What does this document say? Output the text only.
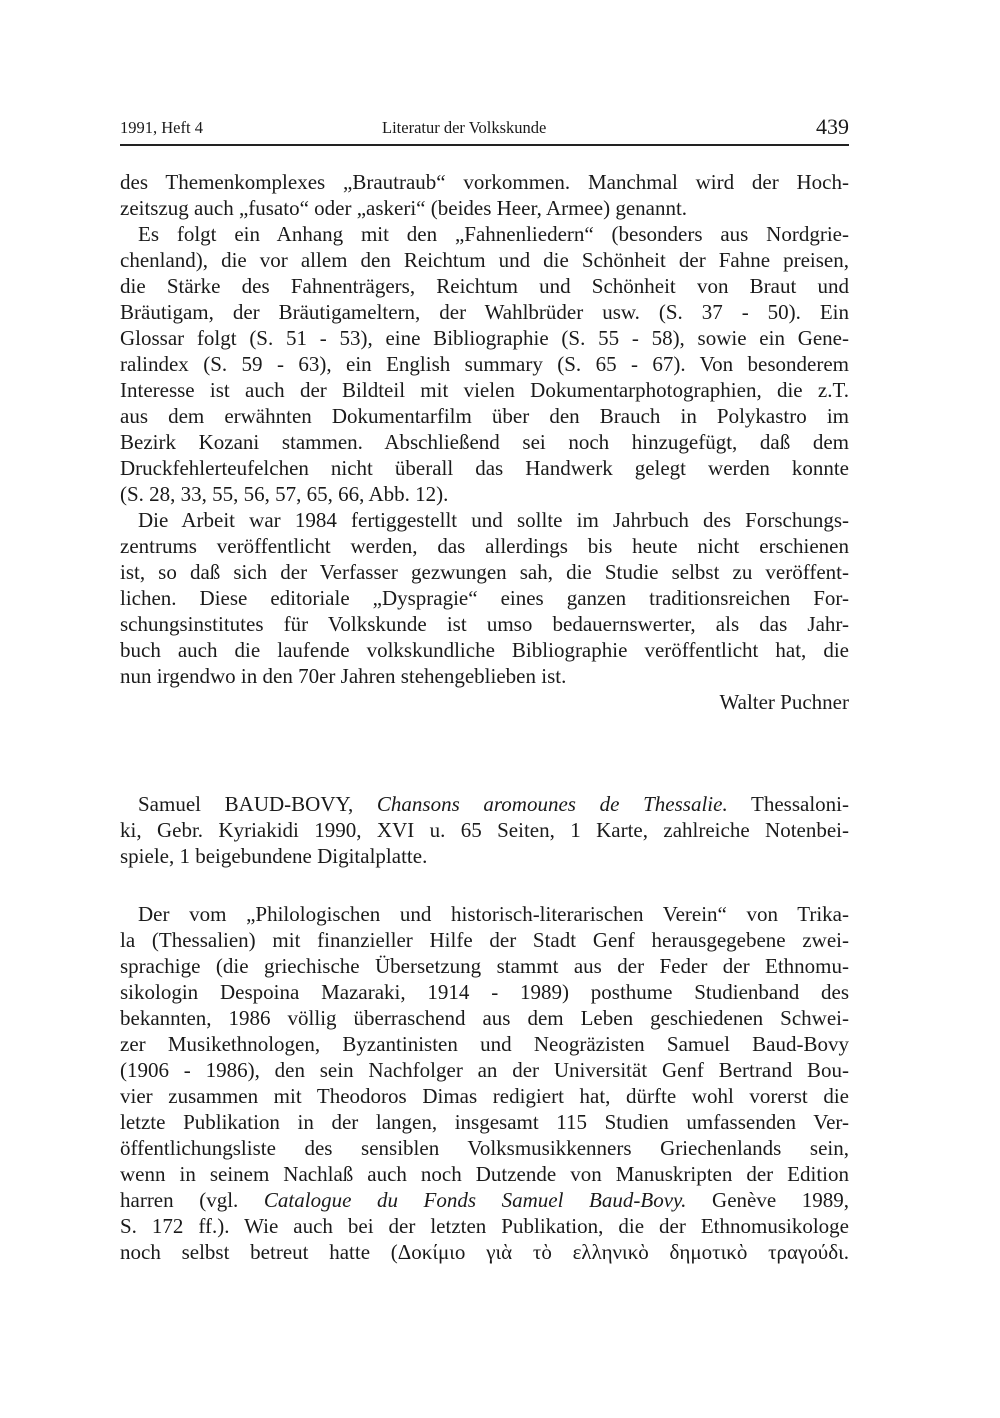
1991, Heft 4	Literatur der Volkskunde	439
des Themenkomplexes „Brautraub“ vorkommen. Manchmal wird der Hoch-
zeitszug auch „fusato“ oder „askeri“ (beides Heer, Armee) genannt.
Es folgt ein Anhang mit den „Fahnenliedern“ (besonders aus Nordgrie-
chenland), die vor allem den Reichtum und die Schönheit der Fahne preisen,
die Stärke des Fahnenträgers, Reichtum und Schönheit von Braut und
Bräutigam, der Bräutigameltern, der Wahlbrüder usw. (S. 37 - 50). Ein
Glossar folgt (S. 51 - 53), eine Bibliographie (S. 55 - 58), sowie ein Gene-
ralindex (S. 59 - 63), ein English summary (S. 65 - 67). Von besonderem
Interesse ist auch der Bildteil mit vielen Dokumentarphotographien, die z.T.
aus dem erwähnten Dokumentarfilm über den Brauch in Polykastro im
Bezirk Kozani stammen. Abschließend sei noch hinzugefügt, daß dem
Druckfehlerteufelchen nicht überall das Handwerk gelegt werden konnte
(S. 28, 33, 55, 56, 57, 65, 66, Abb. 12).
Die Arbeit war 1984 fertiggestellt und sollte im Jahrbuch des Forschungs-
zentrums veröffentlicht werden, das allerdings bis heute nicht erschienen
ist, so daß sich der Verfasser gezwungen sah, die Studie selbst zu veröffent-
lichen. Diese editoriale „Dyspragie“ eines ganzen traditionsreichen For-
schungsinstitutes für Volkskunde ist umso bedauernswerter, als das Jahr-
buch auch die laufende volkskundliche Bibliographie veröffentlicht hat, die
nun irgendwo in den 70er Jahren stehengeblieben ist.
Walter Puchner
Samuel BAUD-BOVY, Chansons aromounes de Thessalie. Thessaloni-
ki, Gebr. Kyriakidi 1990, XVI u. 65 Seiten, 1 Karte, zahlreiche Notenbei-
spiele, 1 beigebundene Digitalplatte.
Der vom „Philologischen und historisch-literarischen Verein“ von Trika-
la (Thessalien) mit finanzieller Hilfe der Stadt Genf herausgegebene zwei-
sprachige (die griechische Übersetzung stammt aus der Feder der Ethnomu-
sikologin Despoina Mazaraki, 1914 - 1989) posthume Studienband des
bekannten, 1986 völlig überraschend aus dem Leben geschiedenen Schwei-
zer Musikethnologen, Byzantinisten und Neogräzisten Samuel Baud-Bovy
(1906 - 1986), den sein Nachfolger an der Universität Genf Bertrand Bou-
vier zusammen mit Theodoros Dimas redigiert hat, dürfte wohl vorerst die
letzte Publikation in der langen, insgesamt 115 Studien umfassenden Ver-
öffentlichungsliste des sensiblen Volksmusikkenners Griechenlands sein,
wenn in seinem Nachlaß auch noch Dutzende von Manuskripten der Edition
harren (vgl. Catalogue du Fonds Samuel Baud-Bovy. Genève 1989,
S. 172 ff.). Wie auch bei der letzten Publikation, die der Ethnomusikologe
noch selbst betreut hatte (Δοκίμιο γιὰ τὸ ελληνικὸ δημοτικὸ τραγούδι.
